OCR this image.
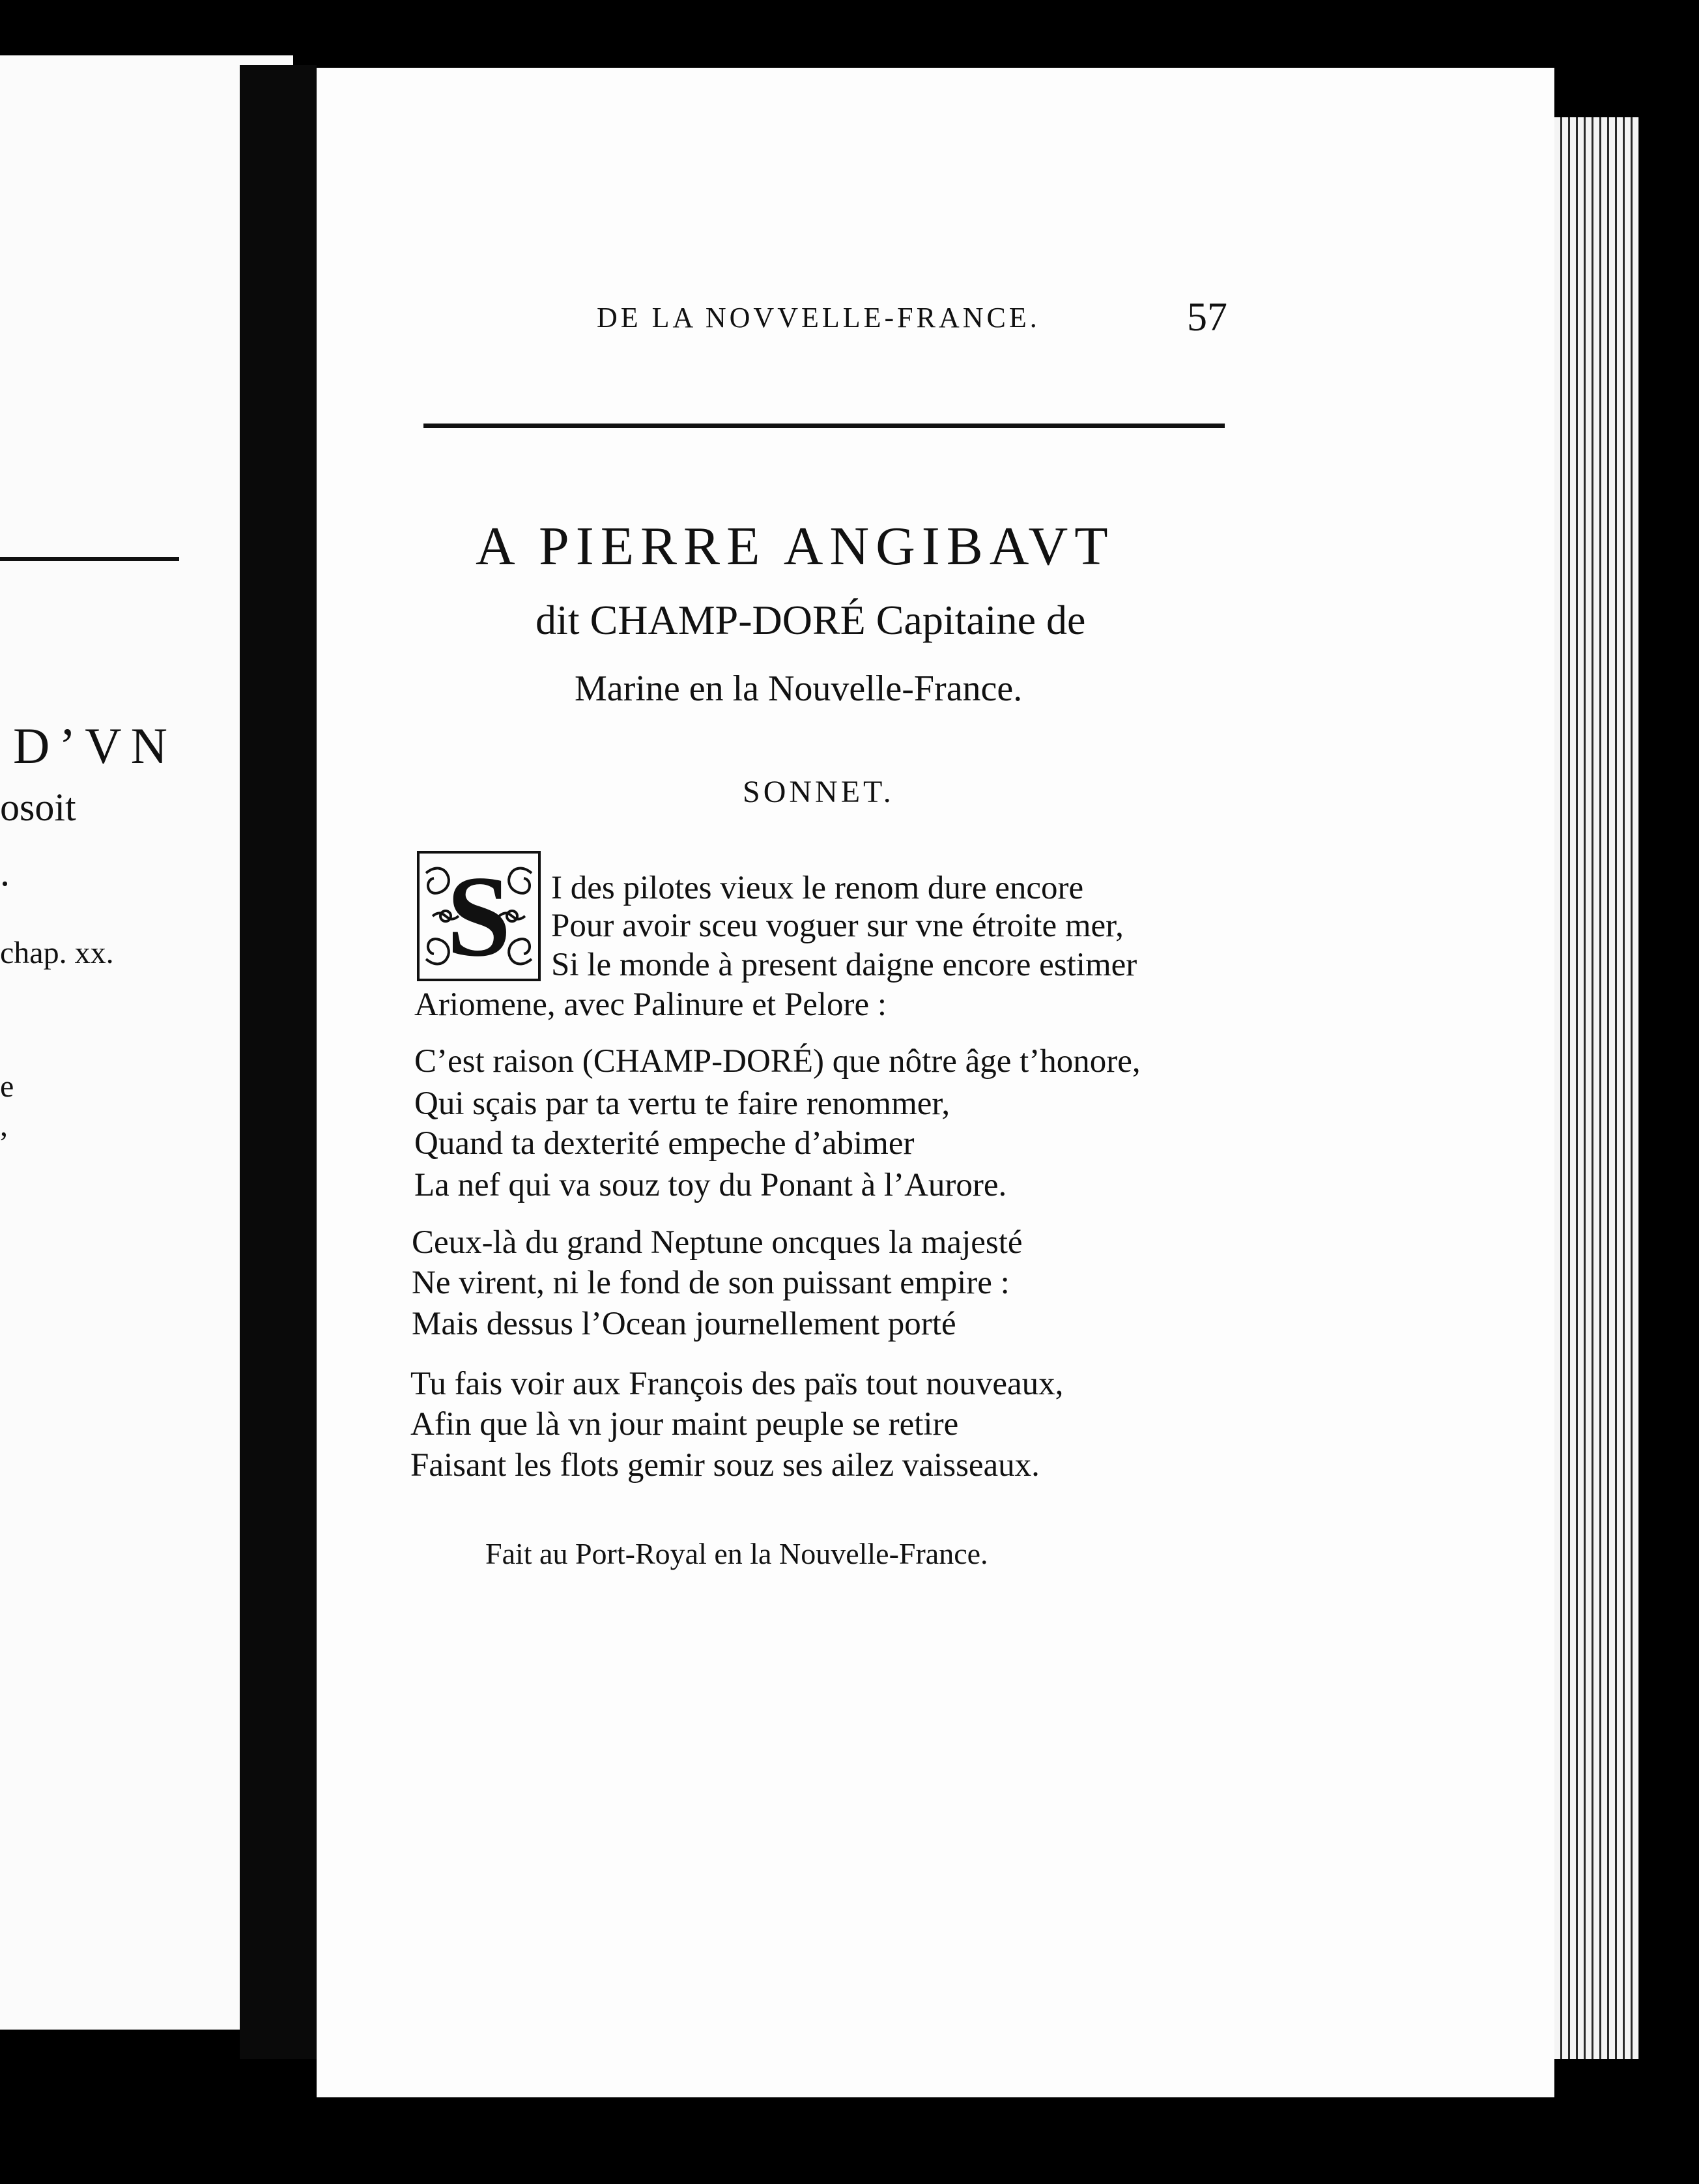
D’VN
osoit
.
chap. xx.
e
,
DE LA NOVVELLE-FRANCE.	57
A PIERRE ANGIBAVT
dit CHAMP-DORÉ Capitaine de
Marine en la Nouvelle-France.
SONNET.
S	I des pilotes vieux le renom dure encore
Pour avoir sceu voguer sur vne étroite mer,
Si le monde à present daigne encore estimer
Ariomene, avec Palinure et Pelore :
C’est raison (CHAMP-DORÉ) que nôtre âge t’honore,
Qui sçais par ta vertu te faire renommer,
Quand ta dexterité empeche d’abimer
La nef qui va souz toy du Ponant à l’Aurore.
Ceux-là du grand Neptune oncques la majesté
Ne virent, ni le fond de son puissant empire :
Mais dessus l’Ocean journellement porté
Tu fais voir aux François des païs tout nouveaux,
Afin que là vn jour maint peuple se retire
Faisant les flots gemir souz ses ailez vaisseaux.
Fait au Port-Royal en la Nouvelle-France.
